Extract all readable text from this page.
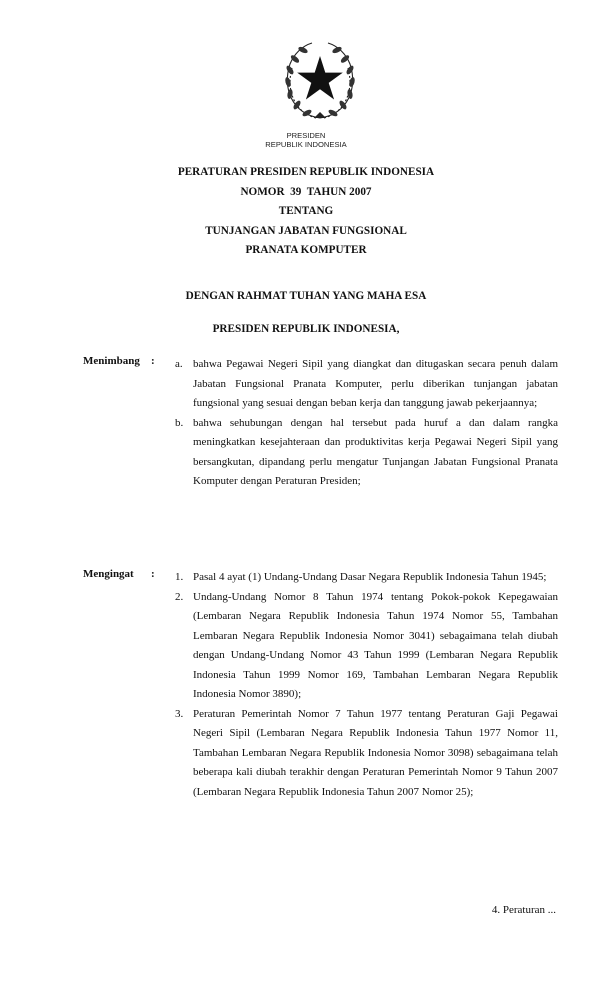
PRESIDEN
REPUBLIK INDONESIA
PERATURAN PRESIDEN REPUBLIK INDONESIA
NOMOR  39  TAHUN 2007
TENTANG
TUNJANGAN JABATAN FUNGSIONAL
PRANATA KOMPUTER
DENGAN RAHMAT TUHAN YANG MAHA ESA
PRESIDEN REPUBLIK INDONESIA,
Menimbang	: a. bahwa Pegawai Negeri Sipil yang diangkat dan ditugaskan secara penuh dalam Jabatan Fungsional Pranata Komputer, perlu diberikan tunjangan jabatan fungsional yang sesuai dengan beban kerja dan tanggung jawab pekerjaannya;
b. bahwa sehubungan dengan hal tersebut pada huruf a dan dalam rangka meningkatkan kesejahteraan dan produktivitas kerja Pegawai Negeri Sipil yang bersangkutan, dipandang perlu mengatur Tunjangan Jabatan Fungsional Pranata Komputer dengan Peraturan Presiden;
Mengingat	: 1. Pasal 4 ayat (1) Undang-Undang Dasar Negara Republik Indonesia Tahun 1945;
2. Undang-Undang Nomor 8 Tahun 1974 tentang Pokok-pokok Kepegawaian (Lembaran Negara Republik Indonesia Tahun 1974 Nomor 55, Tambahan Lembaran Negara Republik Indonesia Nomor 3041) sebagaimana telah diubah dengan Undang-Undang Nomor 43 Tahun 1999 (Lembaran Negara Republik Indonesia Tahun 1999 Nomor 169, Tambahan Lembaran Negara Republik Indonesia Nomor 3890);
3. Peraturan Pemerintah Nomor 7 Tahun 1977 tentang Peraturan Gaji Pegawai Negeri Sipil (Lembaran Negara Republik Indonesia Tahun 1977 Nomor 11, Tambahan Lembaran Negara Republik Indonesia Nomor 3098) sebagaimana telah beberapa kali diubah terakhir dengan Peraturan Pemerintah Nomor 9 Tahun 2007 (Lembaran Negara Republik Indonesia Tahun 2007 Nomor 25);
4. Peraturan ...
